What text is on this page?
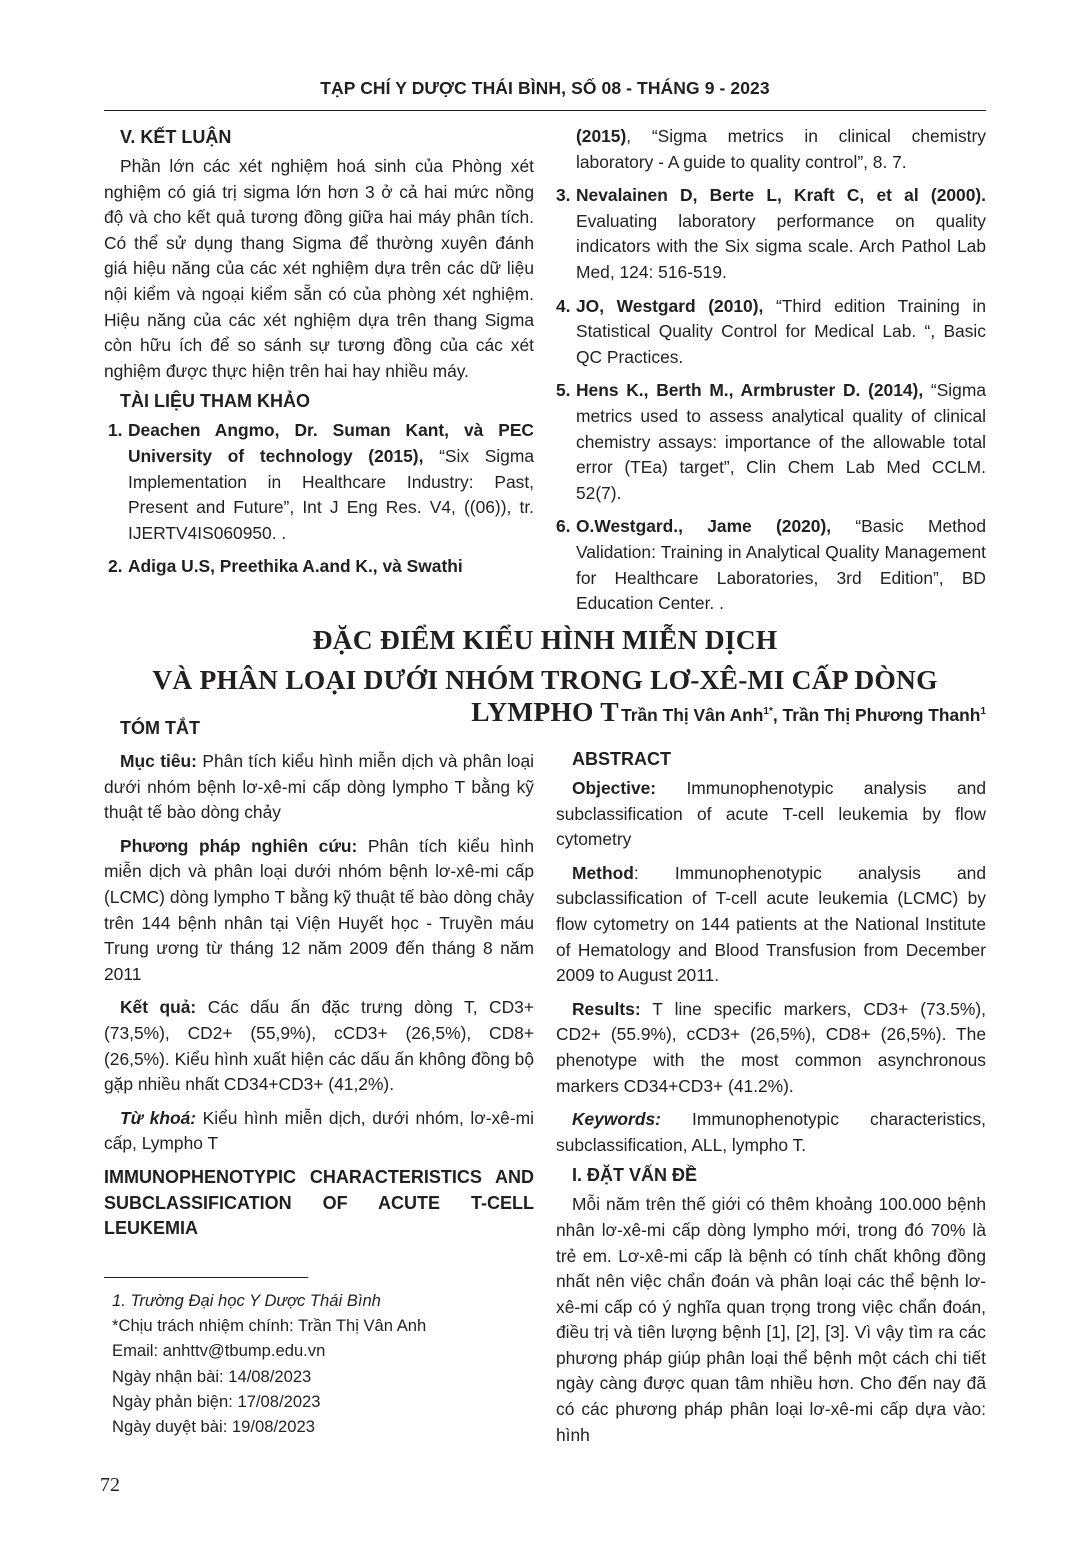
TẠP CHÍ Y DƯỢC THÁI BÌNH, SỐ 08 - THÁNG 9 - 2023
V. KẾT LUẬN

Phần lớn các xét nghiệm hoá sinh của Phòng xét nghiệm có giá trị sigma lớn hơn 3 ở cả hai mức nồng độ và cho kết quả tương đồng giữa hai máy phân tích. Có thể sử dụng thang Sigma để thường xuyên đánh giá hiệu năng của các xét nghiệm dựa trên các dữ liệu nội kiểm và ngoại kiểm sẵn có của phòng xét nghiệm. Hiệu năng của các xét nghiệm dựa trên thang Sigma còn hữu ích để so sánh sự tương đồng của các xét nghiệm được thực hiện trên hai hay nhiều máy.

TÀI LIỆU THAM KHẢO
1. Deachen Angmo, Dr. Suman Kant, và PEC University of technology (2015), “Six Sigma Implementation in Healthcare Industry: Past, Present and Future”, Int J Eng Res. V4, ((06)), tr. IJERTV4IS060950. .
2. Adiga U.S, Preethika A.and K., và Swathi
(2015), “Sigma metrics in clinical chemistry laboratory - A guide to quality control”, 8. 7.
3. Nevalainen D, Berte L, Kraft C, et al (2000). Evaluating laboratory performance on quality indicators with the Six sigma scale. Arch Pathol Lab Med, 124: 516-519.
4. JO, Westgard (2010), “Third edition Training in Statistical Quality Control for Medical Lab. “, Basic QC Practices.
5. Hens K., Berth M., Armbruster D. (2014), “Sigma metrics used to assess analytical quality of clinical chemistry assays: importance of the allowable total error (TEa) target”, Clin Chem Lab Med CCLM. 52(7).
6. O.Westgard., Jame (2020), “Basic Method Validation: Training in Analytical Quality Management for Healthcare Laboratories, 3rd Edition”, BD Education Center. .
ĐẶC ĐIỂM KIỂU HÌNH MIỄN DỊCH
VÀ PHÂN LOẠI DƯỚI NHÓM TRONG LƠ-XÊ-MI CẤP DÒNG LYMPHO T Trần Thị Vân Anh$^{1*}$, Trần Thị Phương Thanh$^1$
TÓM TẮT

Mục tiêu: Phân tích kiểu hình miễn dịch và phân loại dưới nhóm bệnh lơ-xê-mi cấp dòng lympho T bằng kỹ thuật tế bào dòng chảy

Phương pháp nghiên cứu: Phân tích kiểu hình miễn dịch và phân loại dưới nhóm bệnh lơ-xê-mi cấp (LCMC) dòng lympho T bằng kỹ thuật tế bào dòng chảy trên 144 bệnh nhân tại Viện Huyết học - Truyền máu Trung ương từ tháng 12 năm 2009 đến tháng 8 năm 2011

Kết quả: Các dấu ấn đặc trưng dòng T, CD3+ (73,5%), CD2+ (55,9%), cCD3+ (26,5%), CD8+ (26,5%). Kiểu hình xuất hiện các dấu ấn không đồng bộ gặp nhiều nhất CD34+CD3+ (41,2%).

Từ khoá: Kiểu hình miễn dịch, dưới nhóm, lơ-xê-mi cấp, Lympho T

IMMUNOPHENOTYPIC CHARACTERISTICS AND SUBCLASSIFICATION OF ACUTE T-CELL LEUKEMIA
ABSTRACT

Objective: Immunophenotypic analysis and subclassification of acute T-cell leukemia by flow cytometry

Method: Immunophenotypic analysis and subclassification of T-cell acute leukemia (LCMC) by flow cytometry on 144 patients at the National Institute of Hematology and Blood Transfusion from December 2009 to August 2011.

Results: T line specific markers, CD3+ (73.5%), CD2+ (55.9%), cCD3+ (26,5%), CD8+ (26,5%). The phenotype with the most common asynchronous markers CD34+CD3+ (41.2%).

Keywords: Immunophenotypic characteristics, subclassification, ALL, lympho T.

I. ĐẶT VẤN ĐỀ

Mỗi năm trên thế giới có thêm khoảng 100.000 bệnh nhân lơ-xê-mi cấp dòng lympho mới, trong đó 70% là trẻ em. Lơ-xê-mi cấp là bệnh có tính chất không đồng nhất nên việc chẩn đoán và phân loại các thể bệnh lơ-xê-mi cấp có ý nghĩa quan trọng trong việc chẩn đoán, điều trị và tiên lượng bệnh [1], [2], [3]. Vì vậy tìm ra các phương pháp giúp phân loại thể bệnh một cách chi tiết ngày càng được quan tâm nhiều hơn. Cho đến nay đã có các phương pháp phân loại lơ-xê-mi cấp dựa vào: hình

1. Trường Đại học Y Dược Thái Bình
*Chịu trách nhiệm chính: Trần Thị Vân Anh
Email: anhttv@tbump.edu.vn
Ngày nhận bài: 14/08/2023
Ngày phản biện: 17/08/2023
Ngày duyệt bài: 19/08/2023
72
